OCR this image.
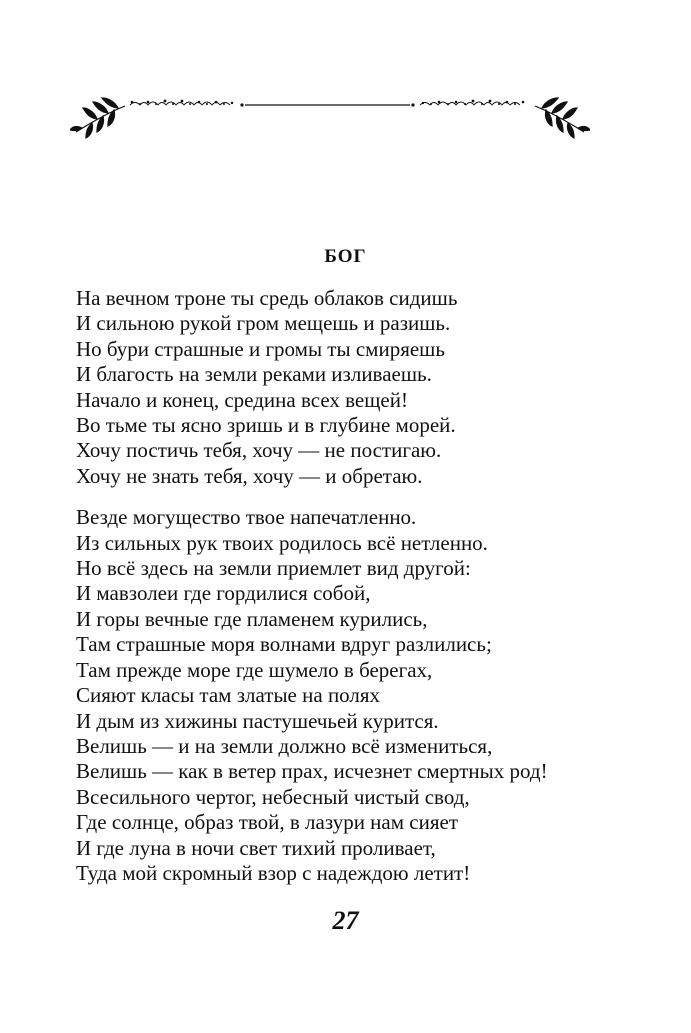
БОГ
На вечном троне ты средь облаков сидишь
И сильною рукой гром мещешь и разишь.
Но бури страшные и громы ты смиряешь
И благость на земли реками изливаешь.
Начало и конец, средина всех вещей!
Во тьме ты ясно зришь и в глубине морей.
Хочу постичь тебя, хочу — не постигаю.
Хочу не знать тебя, хочу — и обретаю.
Везде могущество твое напечатленно.
Из сильных рук твоих родилось всё нетленно.
Но всё здесь на земли приемлет вид другой:
И мавзолеи где гордилися собой,
И горы вечные где пламенем курились,
Там страшные моря волнами вдруг разлились;
Там прежде море где шумело в берегах,
Сияют класы там златые на полях
И дым из хижины пастушечьей курится.
Велишь — и на земли должно всё измениться,
Велишь — как в ветер прах, исчезнет смертных род!
Всесильного чертог, небесный чистый свод,
Где солнце, образ твой, в лазури нам сияет
И где луна в ночи свет тихий проливает,
Туда мой скромный взор с надеждою летит!
27
